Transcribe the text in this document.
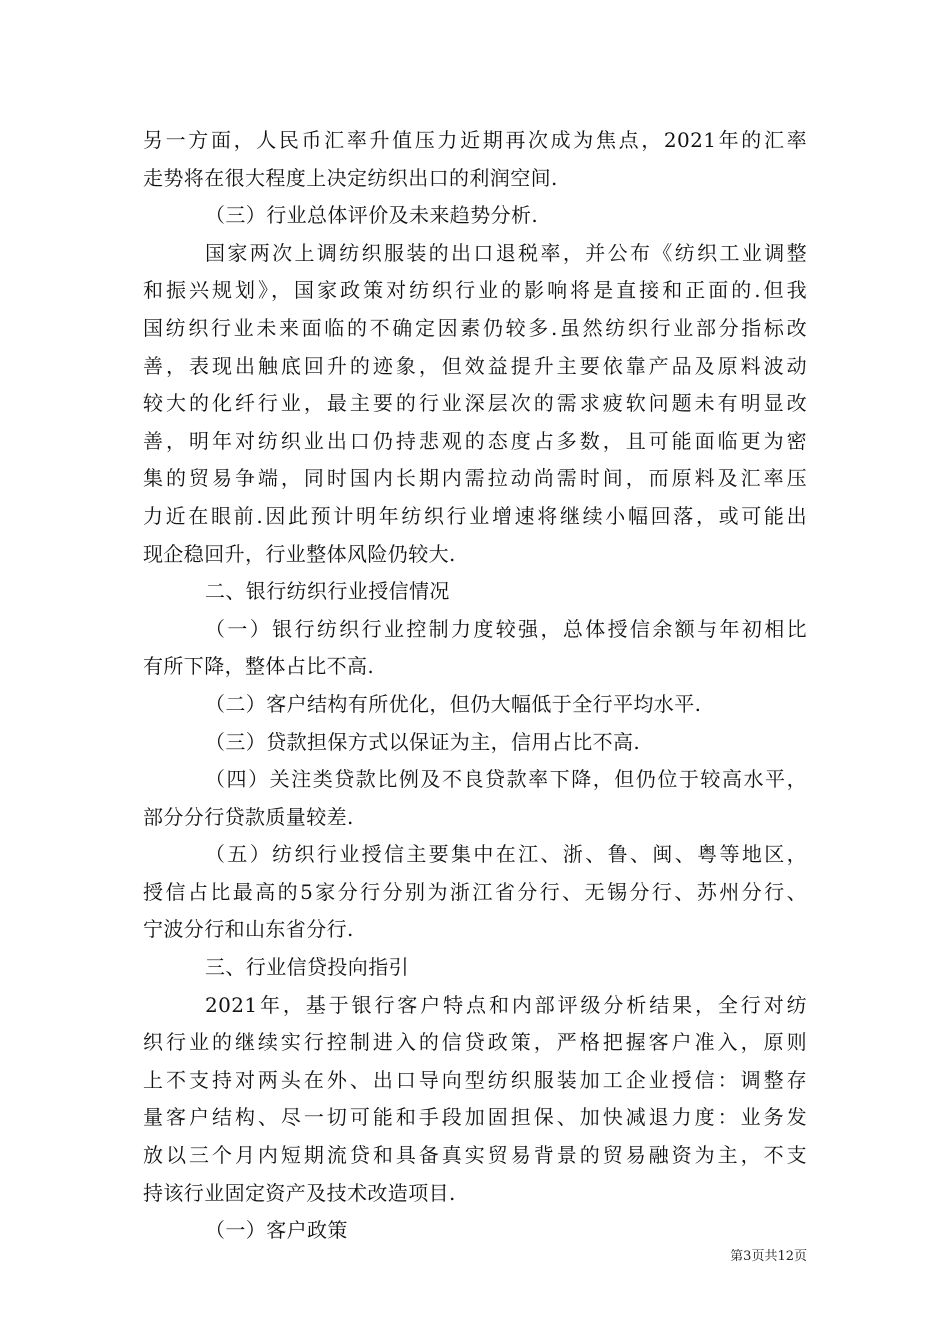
另一方面，人民币汇率升值压力近期再次成为焦点，2021年的汇率
走势将在很大程度上决定纺织出口的利润空间.
（三）行业总体评价及未来趋势分析.
国家两次上调纺织服装的出口退税率，并公布《纺织工业调整
和振兴规划》，国家政策对纺织行业的影响将是直接和正面的.但我
国纺织行业未来面临的不确定因素仍较多.虽然纺织行业部分指标改
善，表现出触底回升的迹象，但效益提升主要依靠产品及原料波动
较大的化纤行业，最主要的行业深层次的需求疲软问题未有明显改
善，明年对纺织业出口仍持悲观的态度占多数，且可能面临更为密
集的贸易争端，同时国内长期内需拉动尚需时间，而原料及汇率压
力近在眼前.因此预计明年纺织行业增速将继续小幅回落，或可能出
现企稳回升，行业整体风险仍较大.
二、银行纺织行业授信情况
（一）银行纺织行业控制力度较强，总体授信余额与年初相比
有所下降，整体占比不高.
（二）客户结构有所优化，但仍大幅低于全行平均水平.
（三）贷款担保方式以保证为主，信用占比不高.
（四）关注类贷款比例及不良贷款率下降，但仍位于较高水平，
部分分行贷款质量较差.
（五）纺织行业授信主要集中在江、浙、鲁、闽、粤等地区，
授信占比最高的5家分行分别为浙江省分行、无锡分行、苏州分行、
宁波分行和山东省分行.
三、行业信贷投向指引
2021年，基于银行客户特点和内部评级分析结果，全行对纺
织行业的继续实行控制进入的信贷政策，严格把握客户准入，原则
上不支持对两头在外、出口导向型纺织服装加工企业授信：调整存
量客户结构、尽一切可能和手段加固担保、加快减退力度：业务发
放以三个月内短期流贷和具备真实贸易背景的贸易融资为主，不支
持该行业固定资产及技术改造项目.
（一）客户政策
第3页共12页
